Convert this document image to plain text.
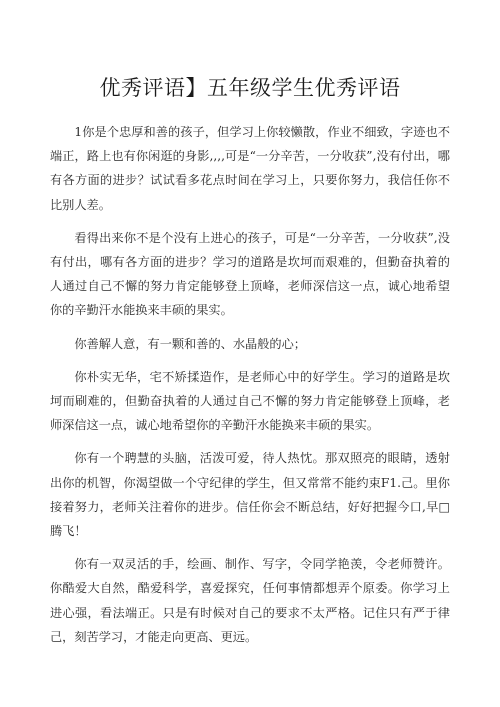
优秀评语】五年级学生优秀评语

1你是个忠厚和善的孩子，但学习上你较懒散，作业不细致，字迹也不端正，路上也有你闲逛的身影,,,,可是“一分辛苦，一分收获”,没有付出，哪有各方面的进步？试试看多花点时间在学习上，只要你努力，我信任你不比别人差。

看得出来你不是个没有上进心的孩子，可是“一分辛苦，一分收获”,没有付出，哪有各方面的进步？学习的道路是坎坷而艰难的，但勤奋执着的人通过自己不懈的努力肯定能够登上顶峰，老师深信这一点，诚心地希望你的辛勤汗水能换来丰硕的果实。

你善解人意，有一颗和善的、水晶般的心；

你朴实无华，宅不矫揉造作，是老师心中的好学生。学习的道路是坎坷而刷难的，但勤奋执着的人通过自己不懈的努力肯定能够登上顶峰，老师深信这一点，诚心地希望你的辛勤汗水能换来丰硕的果实。

你有一个聘慧的头脑，活泼可爱，待人热忱。那双照亮的眼睛，透射出你的机智，你渴望做一个守纪律的学生，但又常常不能约束F1.己。里你接着努力，老师关注着你的进步。信任你会不断总结，好好把握今口,早□腾飞！

你有一双灵活的手，绘画、制作、写字，令同学艳羡，令老师赞许。你酷爱大自然，酷爱科学，喜爱探究，任何事情都想弄个原委。你学习上进心强，看法端正。只是有时候对自己的要求不太严格。记住只有严于律己，刻苦学习，才能走向更高、更远。
